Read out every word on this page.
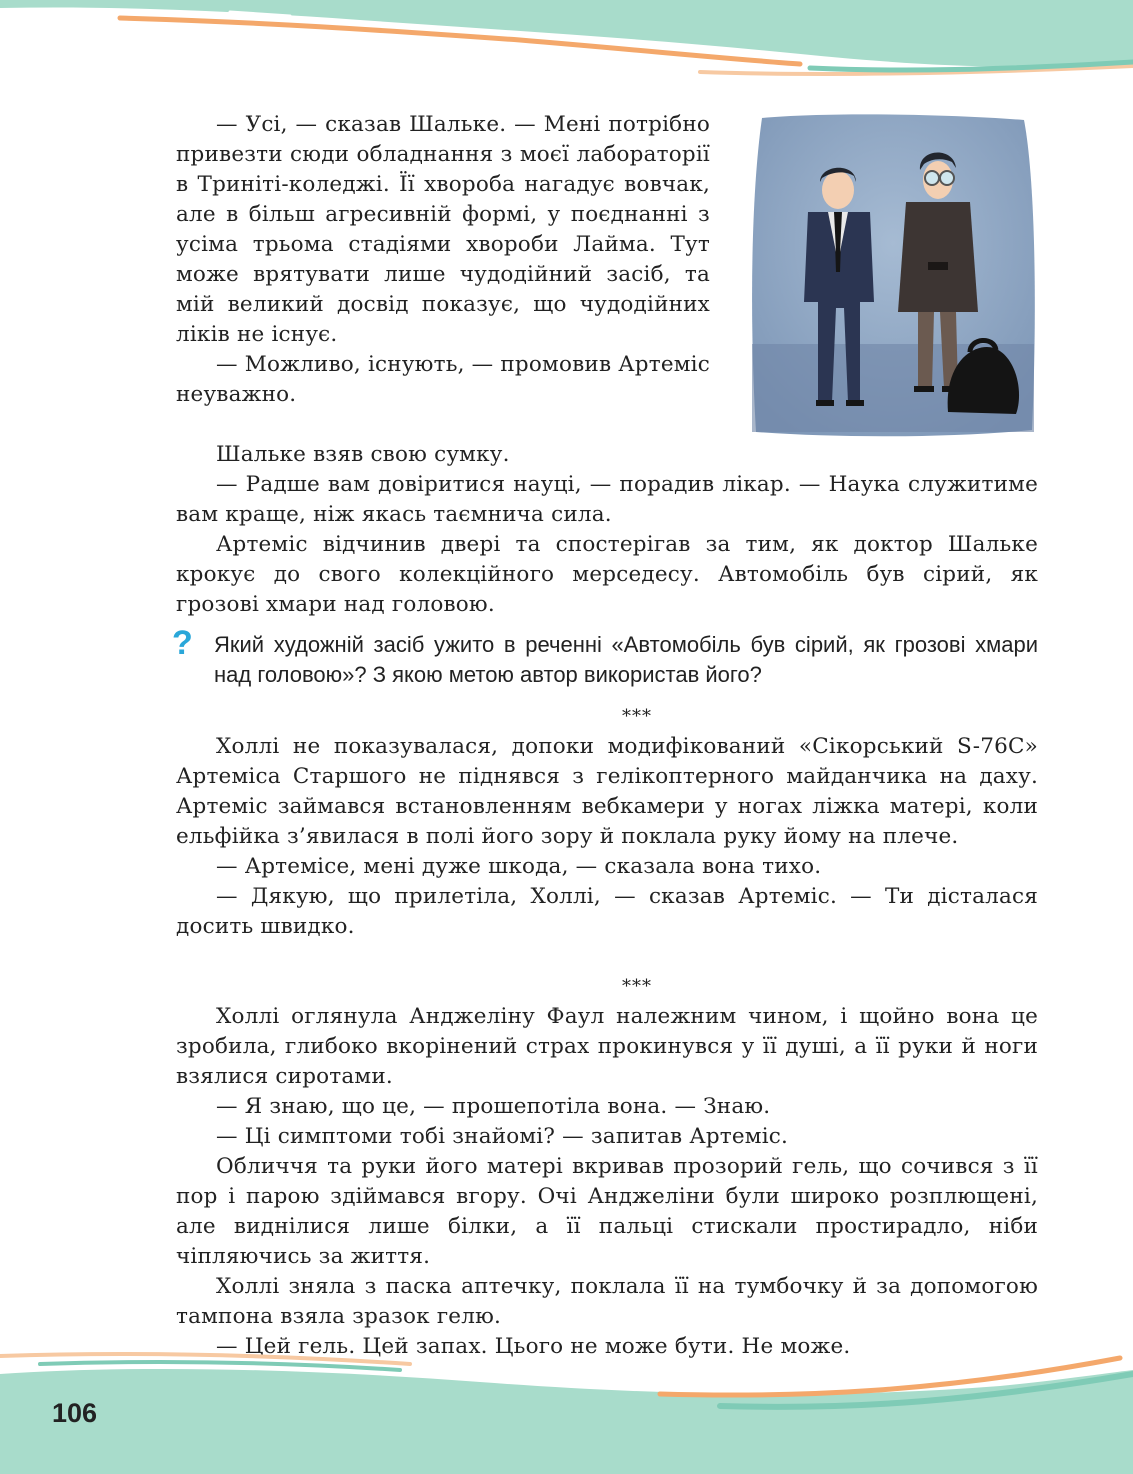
— Усі, — сказав Шальке. — Мені потрібно привезти сюди обладнання з моєї лабораторії в Триніті-коледжі. Її хвороба нагадує вовчак, але в більш агресивній формі, у поєднанні з усіма трьома стадіями хвороби Лайма. Тут може врятувати лише чудодійний засіб, та мій великий досвід показує, що чудодійних ліків не існує.

— Можливо, існують, — промовив Артеміс неуважно.

Шальке взяв свою сумку.

— Радше вам довіритися науці, — порадив лікар. — Наука служитиме вам краще, ніж якась таємнича сила.

Артеміс відчинив двері та спостерігав за тим, як доктор Шальке крокує до свого колекційного мерседесу. Автомобіль був сірий, як грозові хмари над головою.

? Який художній засіб ужито в реченні «Автомобіль був сірий, як грозові хмари над головою»? З якою метою автор використав його?

***

Холлі не показувалася, допоки модифікований «Сікорський S-76C» Артеміса Старшого не піднявся з гелікоптерного майданчика на даху. Артеміс займався встановленням вебкамери у ногах ліжка матері, коли ельфійка з’явилася в полі його зору й поклала руку йому на плече.

— Артемісе, мені дуже шкода, — сказала вона тихо.

— Дякую, що прилетіла, Холлі, — сказав Артеміс. — Ти дісталася досить швидко.

***

Холлі оглянула Анджеліну Фаул належним чином, і щойно вона це зробила, глибоко вкорінений страх прокинувся у її душі, а її руки й ноги взялися сиротами.

— Я знаю, що це, — прошепотіла вона. — Знаю.

— Ці симптоми тобі знайомі? — запитав Артеміс.

Обличчя та руки його матері вкривав прозорий гель, що сочився з її пор і парою здіймався вгору. Очі Анджеліни були широко розплющені, але виднілися лише білки, а її пальці стискали простирадло, ніби чіпляючись за життя.

Холлі зняла з паска аптечку, поклала її на тумбочку й за допомогою тампона взяла зразок гелю.

— Цей гель. Цей запах. Цього не може бути. Не може.

106
